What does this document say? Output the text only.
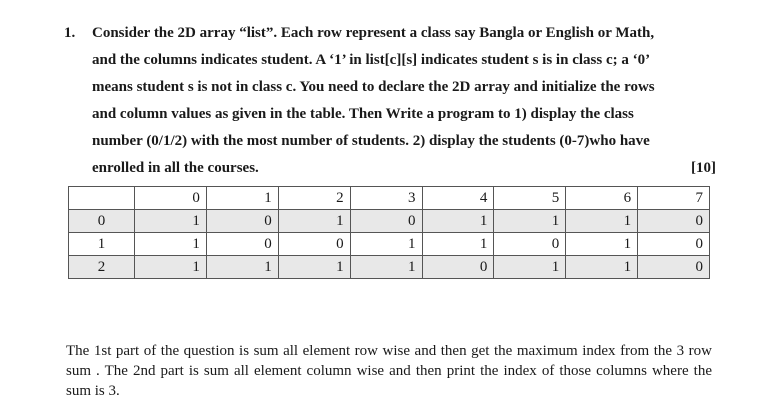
1.	Consider the 2D array “list”. Each row represent a class say Bangla or English or Math,
and the columns indicates student. A ‘1’ in list[c][s] indicates student s is in class c; a ‘0’
means student s is not in class c. You need to declare the 2D array and initialize the rows
and column values as given in the table. Then Write a program to 1) display the class
number (0/1/2) with the most number of students. 2) display the students (0-7)who have
enrolled in all the courses.	[10]
	0	1	2	3	4	5	6	7
0	1	0	1	0	1	1	1	0
1	1	0	0	1	1	0	1	0
2	1	1	1	1	0	1	1	0

The 1st part of the question is sum all element row wise and then get the maximum index from the 3 row sum . The 2nd part is sum all element column wise and then print the index of those columns where the sum is 3.
